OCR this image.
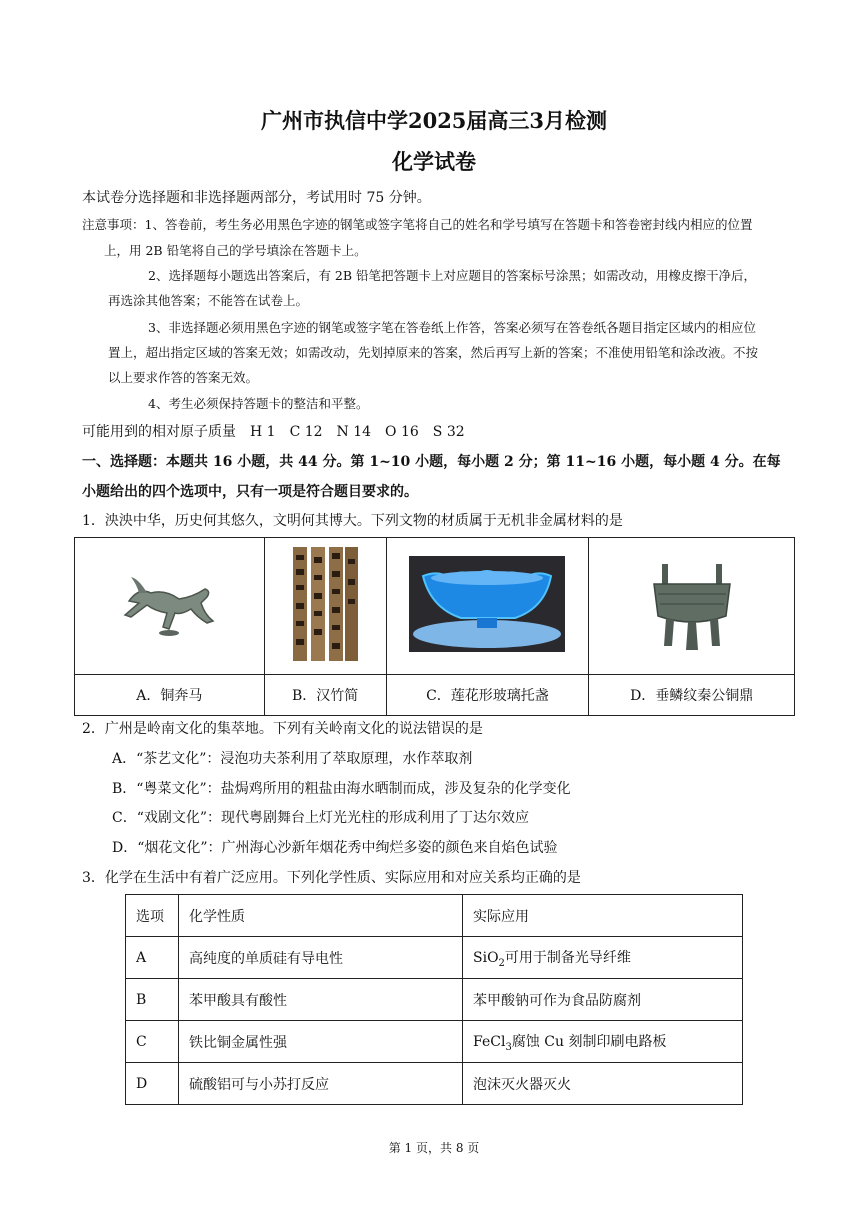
广州市执信中学2025届高三3月检测
化学试卷
本试卷分选择题和非选择题两部分，考试用时 75 分钟。
注意事项：1、答卷前，考生务必用黑色字迹的钢笔或签字笔将自己的姓名和学号填写在答题卡和答卷密封线内相应的位置
上，用 2B 铅笔将自己的学号填涂在答题卡上。
2、选择题每小题选出答案后，有 2B 铅笔把答题卡上对应题目的答案标号涂黑；如需改动，用橡皮擦干净后，
再选涂其他答案；不能答在试卷上。
3、非选择题必须用黑色字迹的钢笔或签字笔在答卷纸上作答，答案必须写在答卷纸各题目指定区域内的相应位
置上，超出指定区域的答案无效；如需改动，先划掉原来的答案，然后再写上新的答案；不准使用铅笔和涂改液。不按
以上要求作答的答案无效。
4、考生必须保持答题卡的整洁和平整。
可能用到的相对原子质量　H 1　C 12　N 14　O 16　S 32
一、选择题：本题共 16 小题，共 44 分。第 1~10 小题，每小题 2 分；第 11~16 小题，每小题 4 分。在每
小题给出的四个选项中，只有一项是符合题目要求的。
1．泱泱中华，历史何其悠久，文明何其博大。下列文物的材质属于无机非金属材料的是

A．铜奔马	B．汉竹简	C．莲花形玻璃托盏	D．垂鳞纹秦公铜鼎
2．广州是岭南文化的集萃地。下列有关岭南文化的说法错误的是
A．“茶艺文化”：浸泡功夫茶利用了萃取原理，水作萃取剂
B．“粤菜文化”：盐焗鸡所用的粗盐由海水晒制而成，涉及复杂的化学变化
C．“戏剧文化”：现代粤剧舞台上灯光光柱的形成利用了丁达尔效应
D．“烟花文化”：广州海心沙新年烟花秀中绚烂多姿的颜色来自焰色试验
3．化学在生活中有着广泛应用。下列化学性质、实际应用和对应关系均正确的是
选项	化学性质	实际应用
A	高纯度的单质硅有导电性	SiO$_2$可用于制备光导纤维
B	苯甲酸具有酸性	苯甲酸钠可作为食品防腐剂
C	铁比铜金属性强	FeCl$_3$腐蚀 Cu 刻制印刷电路板
D	硫酸铝可与小苏打反应	泡沫灭火器灭火
第 1 页，共 8 页
